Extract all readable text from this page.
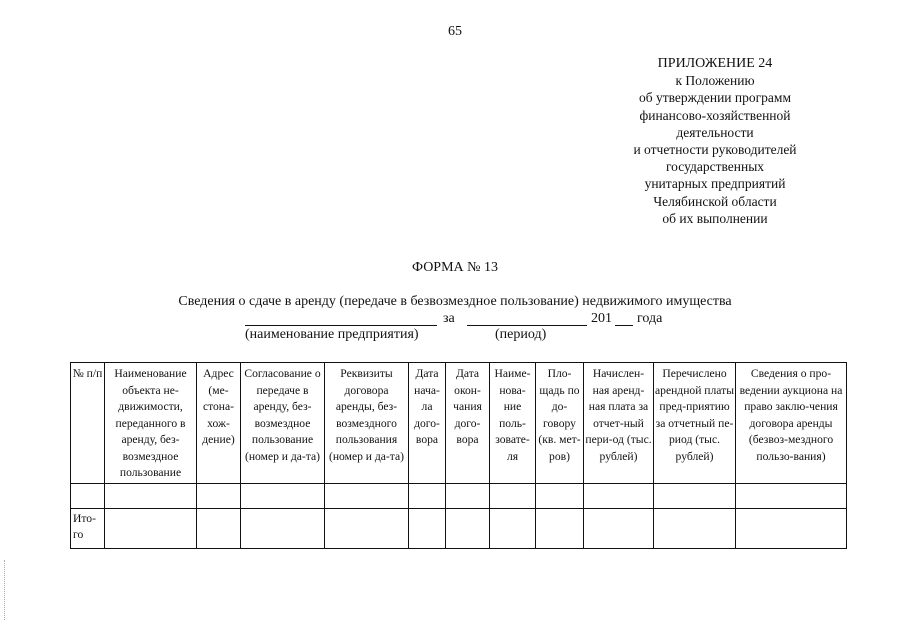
65
ПРИЛОЖЕНИЕ 24
к Положению
об утверждении программ
финансово-хозяйственной
деятельности
и отчетности руководителей
государственных
унитарных предприятий
Челябинской области
об их выполнении
ФОРМА № 13
Сведения о сдаче в аренду (передаче в безвозмездное пользование) недвижимого имущества
за	201 года
(наименование предприятия)	(период)
№ п/п	Наименование объекта не-движимости, переданного в аренду, без-возмездное пользование	Адрес (ме-стона-хож-дение)	Согласование о передаче в аренду, без-возмездное пользование (номер и да-та)	Реквизиты договора аренды, без-возмездного пользования (номер и да-та)	Дата нача-ла дого-вора	Дата окон-чания дого-вора	Наиме-нова-ние поль-зовате-ля	Пло-щадь по до-говору (кв. мет-ров)	Начислен-ная аренд-ная плата за отчет-ный пери-од (тыс. рублей)	Перечислено арендной платы пред-приятию за отчетный пе-риод (тыс. рублей)	Сведения о про-ведении аукциона на право заклю-чения договора аренды (безвоз-мездного пользо-вания)

Ито-го											
